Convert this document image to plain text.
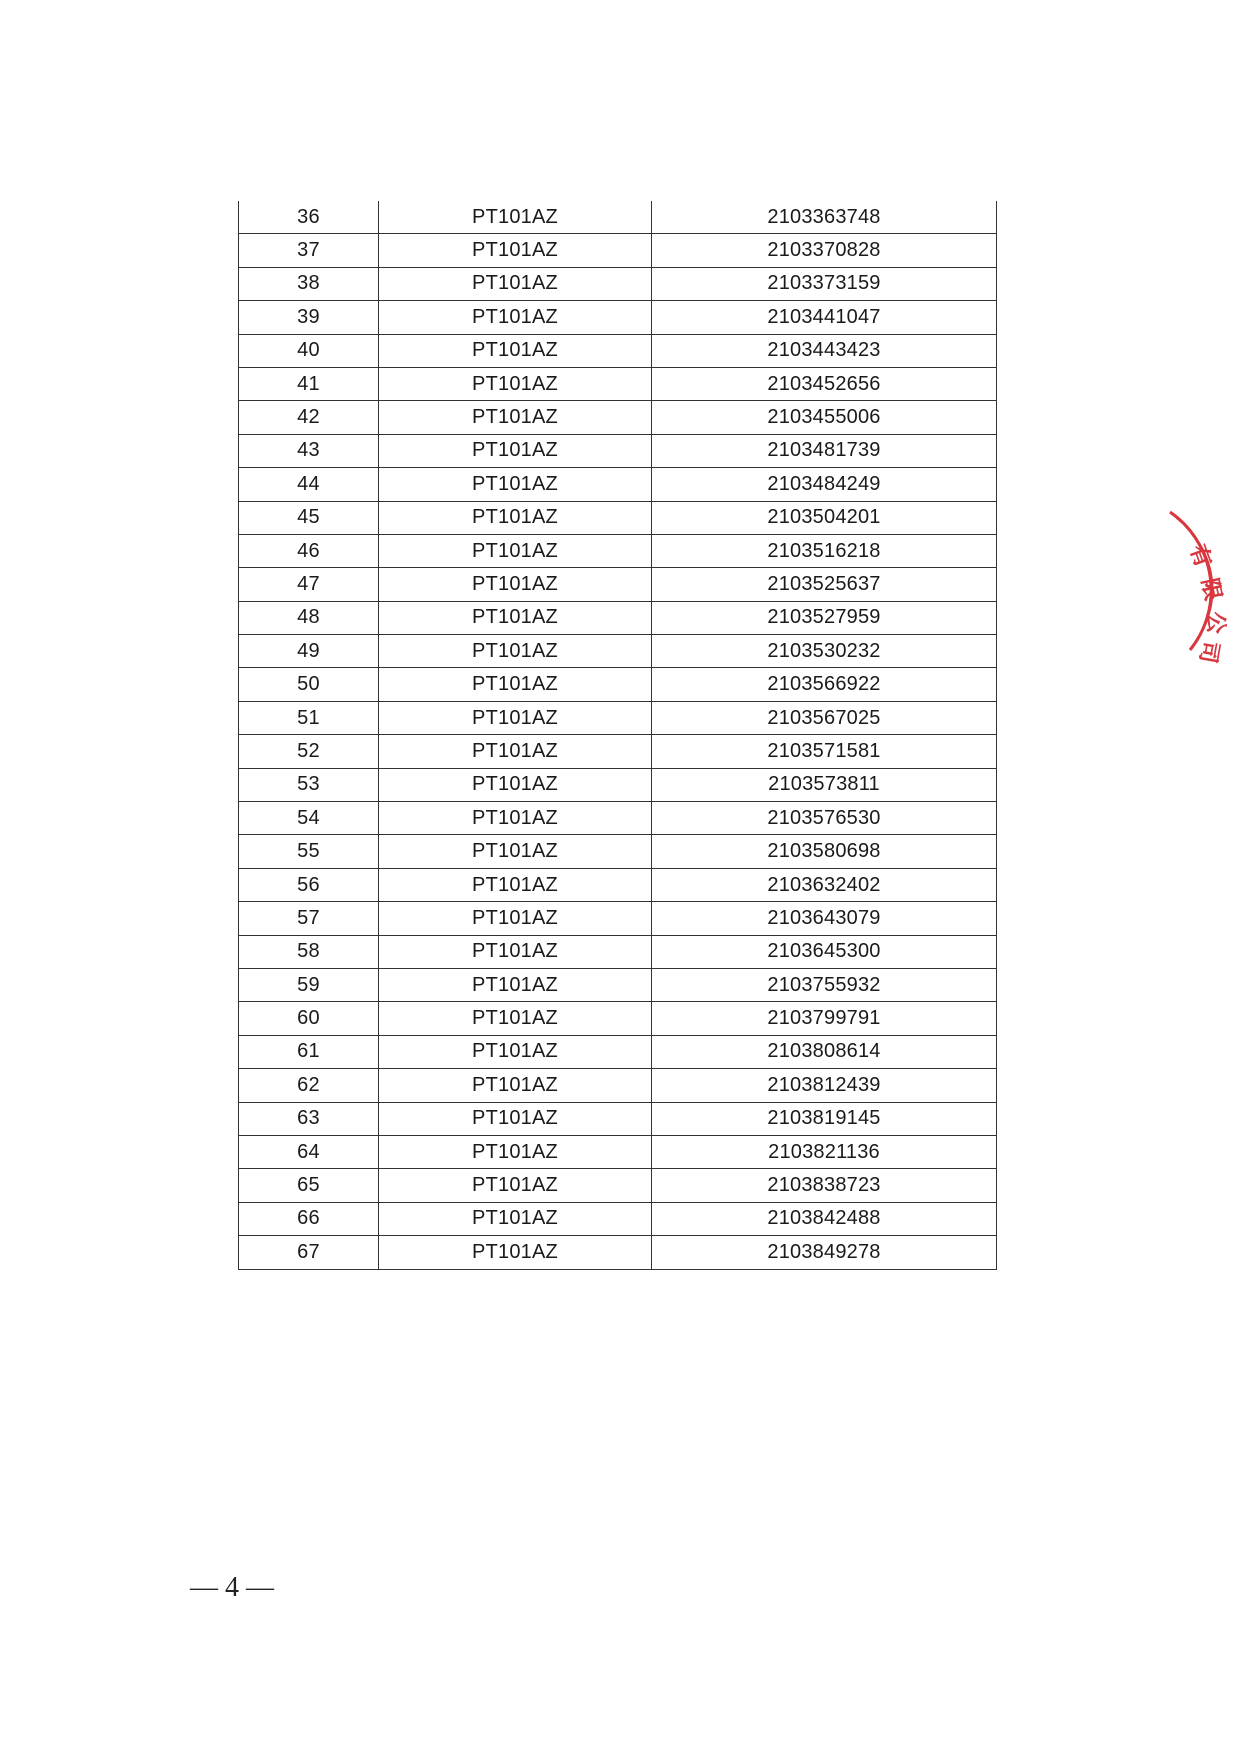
36	PT101AZ	2103363748
37	PT101AZ	2103370828
38	PT101AZ	2103373159
39	PT101AZ	2103441047
40	PT101AZ	2103443423
41	PT101AZ	2103452656
42	PT101AZ	2103455006
43	PT101AZ	2103481739
44	PT101AZ	2103484249
45	PT101AZ	2103504201
46	PT101AZ	2103516218
47	PT101AZ	2103525637
48	PT101AZ	2103527959
49	PT101AZ	2103530232
50	PT101AZ	2103566922
51	PT101AZ	2103567025
52	PT101AZ	2103571581
53	PT101AZ	2103573811
54	PT101AZ	2103576530
55	PT101AZ	2103580698
56	PT101AZ	2103632402
57	PT101AZ	2103643079
58	PT101AZ	2103645300
59	PT101AZ	2103755932
60	PT101AZ	2103799791
61	PT101AZ	2103808614
62	PT101AZ	2103812439
63	PT101AZ	2103819145
64	PT101AZ	2103821136
65	PT101AZ	2103838723
66	PT101AZ	2103842488
67	PT101AZ	2103849278
有
限
公
司
— 4 —
